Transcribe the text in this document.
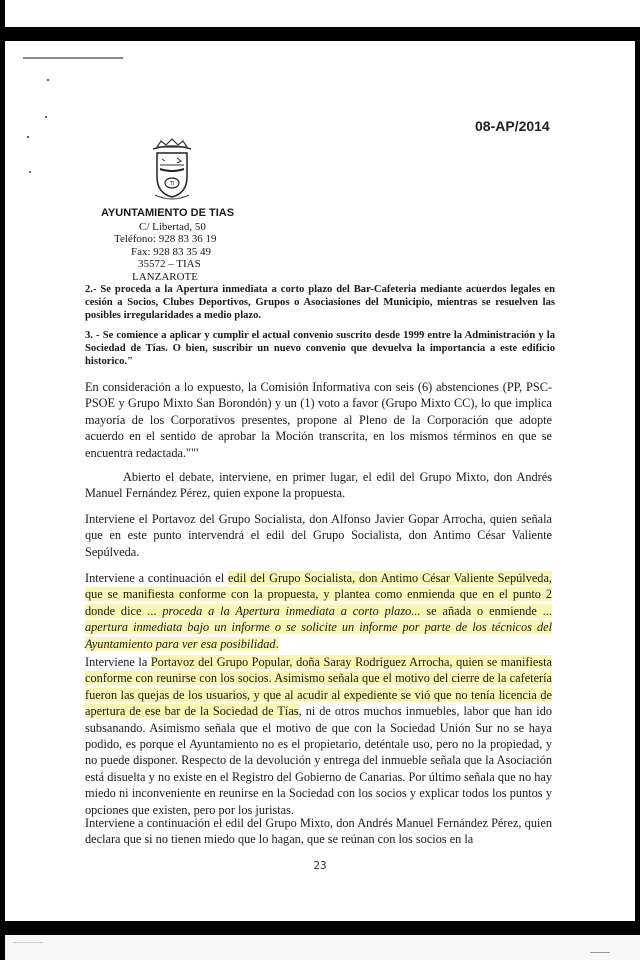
08-AP/2014
TI
AYUNTAMIENTO DE TIAS
C/ Libertad, 50
Teléfono: 928 83 36 19
Fax: 928 83 35 49
35572 – TIAS
LANZAROTE
2.- Se proceda a la Apertura inmediata a corto plazo del Bar-Cafeteria mediante acuerdos legales en cesión a Socios, Clubes Deportivos, Grupos o Asociasiones del Municipio, mientras se resuelven las posibles irregularidades a medio plazo.
3. - Se comience a aplicar y cumplir el actual convenio suscrito desde 1999 entre la Administración y la Sociedad de Tías. O bien, suscribir un nuevo convenio que devuelva la importancia a este edificio historico."
En consideración a lo expuesto, la Comisión Informativa con seis (6) abstenciones (PP, PSC-PSOE y Grupo Mixto San Borondón) y un (1) voto a favor (Grupo Mixto CC), lo que implica mayoría de los Corporativos presentes, propone al Pleno de la Corporación que adopte acuerdo en el sentido de aprobar la Moción transcrita, en los mismos términos en que se encuentra redactada.""'
Abierto el debate, interviene, en primer lugar, el edil del Grupo Mixto, don Andrés Manuel Fernández Pérez, quien expone la propuesta.
Interviene el Portavoz del Grupo Socialista, don Alfonso Javier Gopar Arrocha, quien señala que en este punto intervendrá el edil del Grupo Socialista, don Antimo César Valiente Sepúlveda.
Interviene a continuación el edil del Grupo Socialista, don Antimo César Valiente Sepúlveda, que se manifiesta conforme con la propuesta, y plantea como enmienda que en el punto 2 donde dice ... proceda a la Apertura inmediata a corto plazo... se añada o enmiende ... apertura inmediata bajo un informe o se solicite un informe por parte de los técnicos del Ayuntamiento para ver esa posibilidad.
Interviene la Portavoz del Grupo Popular, doña Saray Rodríguez Arrocha, quien se manifiesta conforme con reunirse con los socios. Asimismo señala que el motivo del cierre de la cafetería fueron las quejas de los usuarios, y que al acudir al expediente se vió que no tenía licencia de apertura de ese bar de la Sociedad de Tías, ni de otros muchos inmuebles, labor que han ido subsanando. Asimismo señala que el motivo de que con la Sociedad Unión Sur no se haya podido, es porque el Ayuntamiento no es el propietario, deténtale uso, pero no la propiedad, y no puede disponer. Respecto de la devolución y entrega del inmueble señala que la Asociación está disuelta y no existe en el Registro del Gobierno de Canarias. Por último señala que no hay miedo ni inconveniente en reunirse en la Sociedad con los socios y explicar todos los puntos y opciones que existen, pero por los juristas.
Interviene a continuación el edil del Grupo Mixto, don Andrés Manuel Fernández Pérez, quien declara que si no tienen miedo que lo hagan, que se reúnan con los socios en la
23
